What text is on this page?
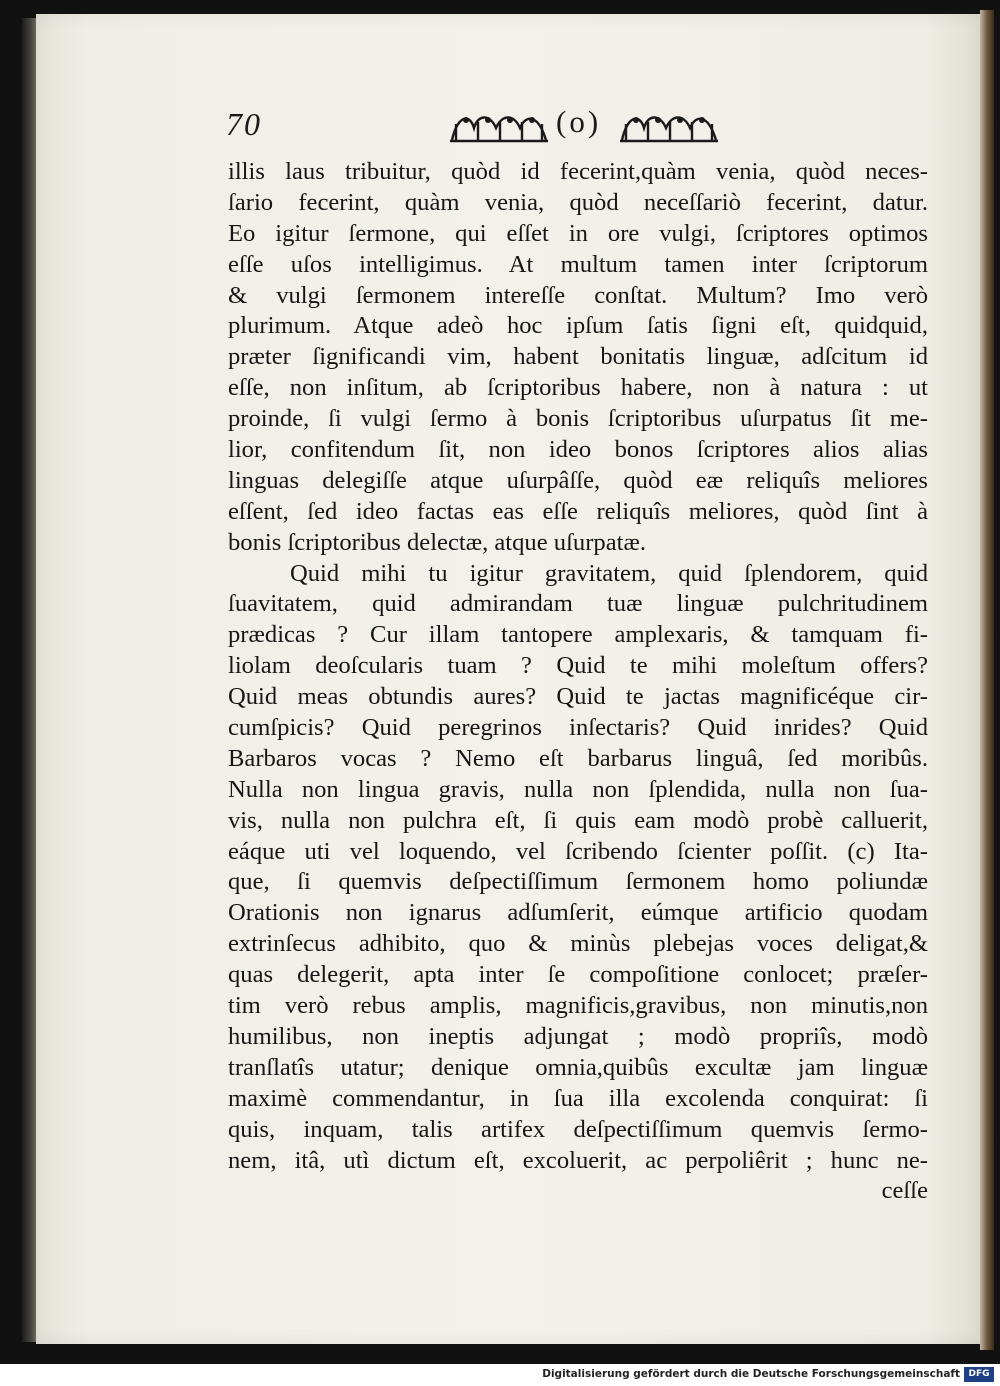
70	(o)
illis laus tribuitur, quòd id fecerint,quàm venia, quòd neces-
ſario fecerint, quàm venia, quòd neceſſariò fecerint, datur.
Eo igitur ſermone, qui eſſet in ore vulgi, ſcriptores optimos
eſſe uſos intelligimus. At multum tamen inter ſcriptorum
& vulgi ſermonem intereſſe conſtat. Multum? Imo verò
plurimum. Atque adeò hoc ipſum ſatis ſigni eſt, quidquid,
præter ſignificandi vim, habent bonitatis linguæ, adſcitum id
eſſe, non inſitum, ab ſcriptoribus habere, non à natura : ut
proinde, ſi vulgi ſermo à bonis ſcriptoribus uſurpatus ſit me-
lior, confitendum ſit, non ideo bonos ſcriptores alios alias
linguas delegiſſe atque uſurpâſſe, quòd eæ reliquîs meliores
eſſent, ſed ideo factas eas eſſe reliquîs meliores, quòd ſint à
bonis ſcriptoribus delectæ, atque uſurpatæ.
Quid mihi tu igitur gravitatem, quid ſplendorem, quid
ſuavitatem, quid admirandam tuæ linguæ pulchritudinem
prædicas ? Cur illam tantopere amplexaris, & tamquam fi-
liolam deoſcularis tuam ? Quid te mihi moleſtum offers?
Quid meas obtundis aures? Quid te jactas magnificéque cir-
cumſpicis? Quid peregrinos inſectaris? Quid inrides? Quid
Barbaros vocas ? Nemo eſt barbarus linguâ, ſed moribûs.
Nulla non lingua gravis, nulla non ſplendida, nulla non ſua-
vis, nulla non pulchra eſt, ſi quis eam modò probè calluerit,
eáque uti vel loquendo, vel ſcribendo ſcienter poſſit. (c) Ita-
que, ſi quemvis deſpectiſſimum ſermonem homo poliundæ
Orationis non ignarus adſumſerit, eúmque artificio quodam
extrinſecus adhibito, quo & minùs plebejas voces deligat,&
quas delegerit, apta inter ſe compoſitione conlocet; præſer-
tim verò rebus amplis, magnificis,gravibus, non minutis,non
humilibus, non ineptis adjungat ; modò propriîs, modò
tranſlatîs utatur; denique omnia,quibûs excultæ jam linguæ
maximè commendantur, in ſua illa excolenda conquirat: ſi
quis, inquam, talis artifex deſpectiſſimum quemvis ſermo-
nem, itâ, utì dictum eſt, excoluerit, ac perpoliêrit ; hunc ne-
ceſſe
Digitalisierung gefördert durch die Deutsche Forschungsgemeinschaft DFG
